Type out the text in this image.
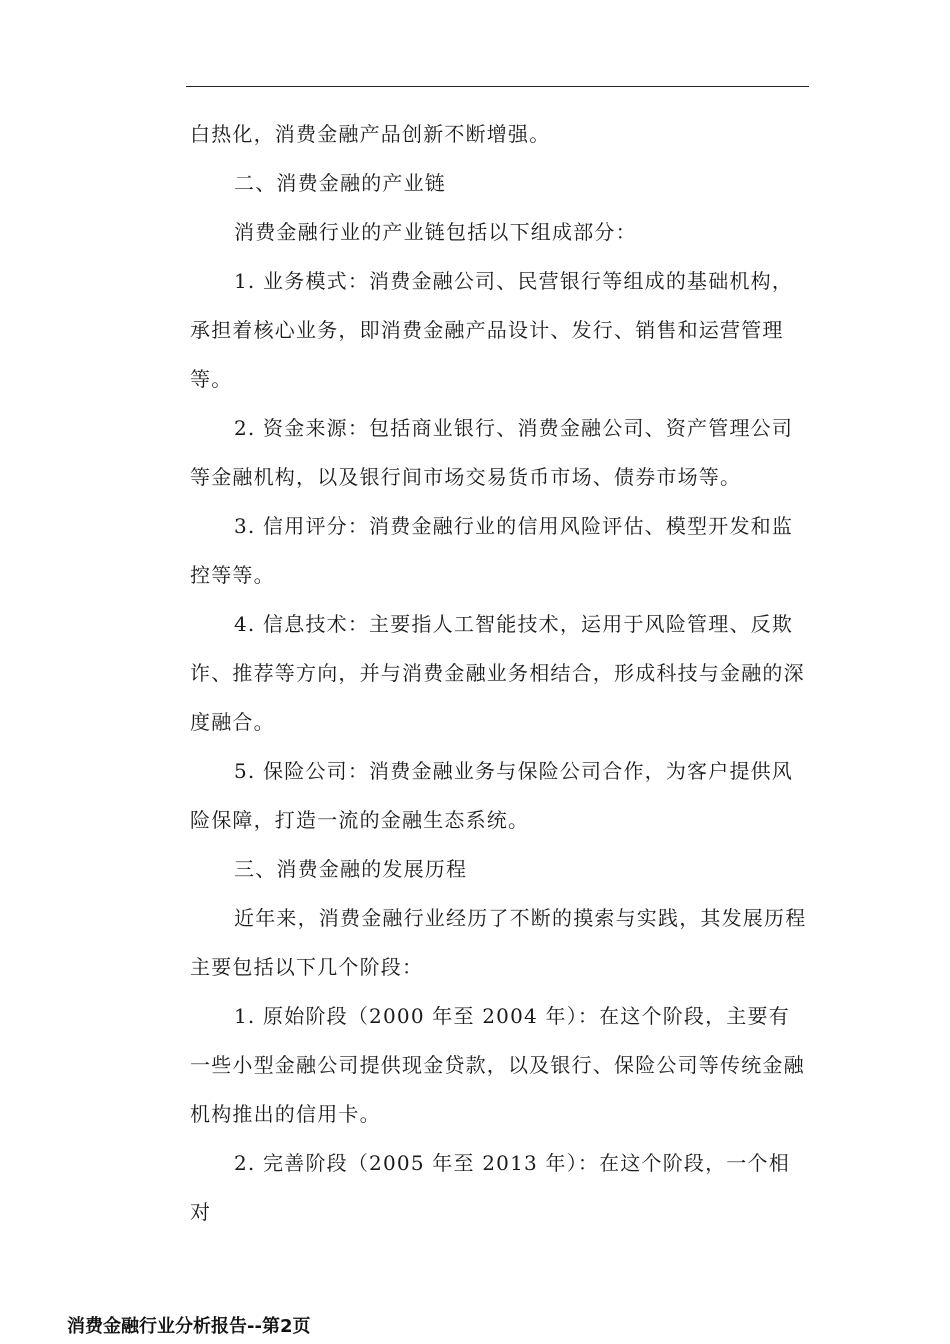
白热化，消费金融产品创新不断增强。

二、消费金融的产业链

消费金融行业的产业链包括以下组成部分：

1. 业务模式：消费金融公司、民营银行等组成的基础机构，承担着核心业务，即消费金融产品设计、发行、销售和运营管理等。

2. 资金来源：包括商业银行、消费金融公司、资产管理公司等金融机构，以及银行间市场交易货币市场、债券市场等。

3. 信用评分：消费金融行业的信用风险评估、模型开发和监控等等。

4. 信息技术：主要指人工智能技术，运用于风险管理、反欺诈、推荐等方向，并与消费金融业务相结合，形成科技与金融的深度融合。

5. 保险公司：消费金融业务与保险公司合作，为客户提供风险保障，打造一流的金融生态系统。

三、消费金融的发展历程

近年来，消费金融行业经历了不断的摸索与实践，其发展历程主要包括以下几个阶段：

1. 原始阶段（2000 年至 2004 年）：在这个阶段，主要有一些小型金融公司提供现金贷款，以及银行、保险公司等传统金融机构推出的信用卡。

2. 完善阶段（2005 年至 2013 年）：在这个阶段，一个相对

消费金融行业分析报告--第2页
